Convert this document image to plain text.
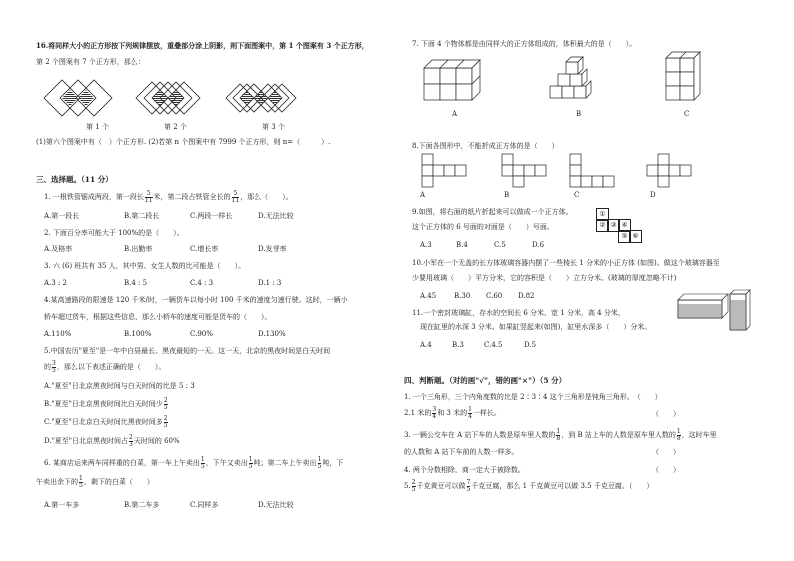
16.将同样大小的正方形按下列规律摆放，重叠部分涂上阴影，则下面图案中，第 1 个图案有 3 个正方形，
第 2 个图案有 7 个正方形，那么：
第 1 个	第 2 个	第 3 个
(1)第六个图案中有（　）个正方形. (2)若第 n 个图案中有 7999 个正方形，则 n=（　　　）.
三、选择题。（11 分）
1. 一根铁管锯成两段，第一段长 $\frac{5}{11}$ 米，第二段占铁管全长的 $\frac{5}{11}$ ，那么（　　）。
A.第一段长	B.第二段长	C.两段一样长	D.无法比较
2. 下面百分率可能大于 100%的是（　　）。
A.及格率	B.出勤率	C.增长率	D.发芽率
3. 六 (6) 班共有 35 人，其中男、女生人数的比可能是（　　）。
A.3 : 2	B.4 : 5	C.4 : 3	D.1 : 3
4.某高速路段的限速是 120 千米/时，一辆货车以每小时 100 千米的速度匀速行驶。这时，一辆小
轿车超过货车，根据这些信息，那么小轿车的速度可能是货车的（　　）。
A.110%	B.100%	C.90%	D.130%
5.中国农历"夏至"是一年中白昼最长、黑夜最短的一天。这一天，北京的黑夜时间是白天时间
的 $\frac{3}{5}$ ，那么以下表述正确的是（　　）。
A."夏至"日北京黑夜时间与白天时间的比是 5 : 3
B."夏至"日北京黑夜时间比白天时间少 $\frac{2}{5}$
C."夏至"日北京白天时间比黑夜时间多 $\frac{2}{5}$
D."夏至"日北京黑夜时间占 $\frac{2}{3}$ 天时间的 60%
6. 某商店运来两车同样重的白菜，第一车上午卖出 $\frac{1}{5}$ ，下午又卖出 $\frac{1}{5}$ 吨；第二车上午卖出 $\frac{1}{5}$ 吨，下
午卖出余下的 $\frac{1}{5}$ ，剩下的白菜（　　）
A.第一车多	B.第二车多	C.同样多	D.无法比较
7. 下面 4 个物体都是由同样大的正方体组成的，体积最大的是（　　）。
A	B	C
8.下面各图形中，不能折成正方体的是（　　）
A	B	C	D
9.如图，将右面的纸片折起来可以做成一个正方体。
这个正方体的 6 号面的对面是（　　）号面。
A.3	B.4	C.5	D.6
①
② ③ ④
⑤ ⑥
10.小军在一个无盖的长方体玻璃容器内摆了一些棱长 1 分米的小正方体 (如图)。做这个玻璃容器至
少要用玻璃（　　）平方分米，它的容积是（　　）立方分米。(玻璃的厚度忽略不计)
A.45	B.30 C.60 D.82
11.一个密封玻璃缸，存水的空间长 6 分米、宽 1 分米，高 4 分米，
现在缸里的水深 3 分米。如果缸竖起来(如图)，缸里水深多（　　）分米。
A.4	B.3	C.4.5	D.5
四、判断题。（对的画"√"，错的画"×"）（5 分）
1. 一个三角形，三个内角度数的比是 2∶3∶4 这个三角形是钝角三角形。　（　　）
2.1 米的 $\frac{3}{4}$ 和 3 米的 $\frac{1}{4}$ 一样长。	（　　）
3. 一辆公交车在 A 站下车的人数是原车里人数的 $\frac{1}{8}$ ，到 B 站上车的人数是原车里人数的 $\frac{1}{8}$ ，这时车里
的人数和 A 站下车前的人数一样多。	（　　）
4. 两个分数相除，商一定大于被除数。	（　　）
5. $\frac{2}{5}$ 千克黄豆可以做 $\frac{7}{5}$ 千克豆腐，那么 1 千克黄豆可以做 3.5 千克豆腐。（　　）
